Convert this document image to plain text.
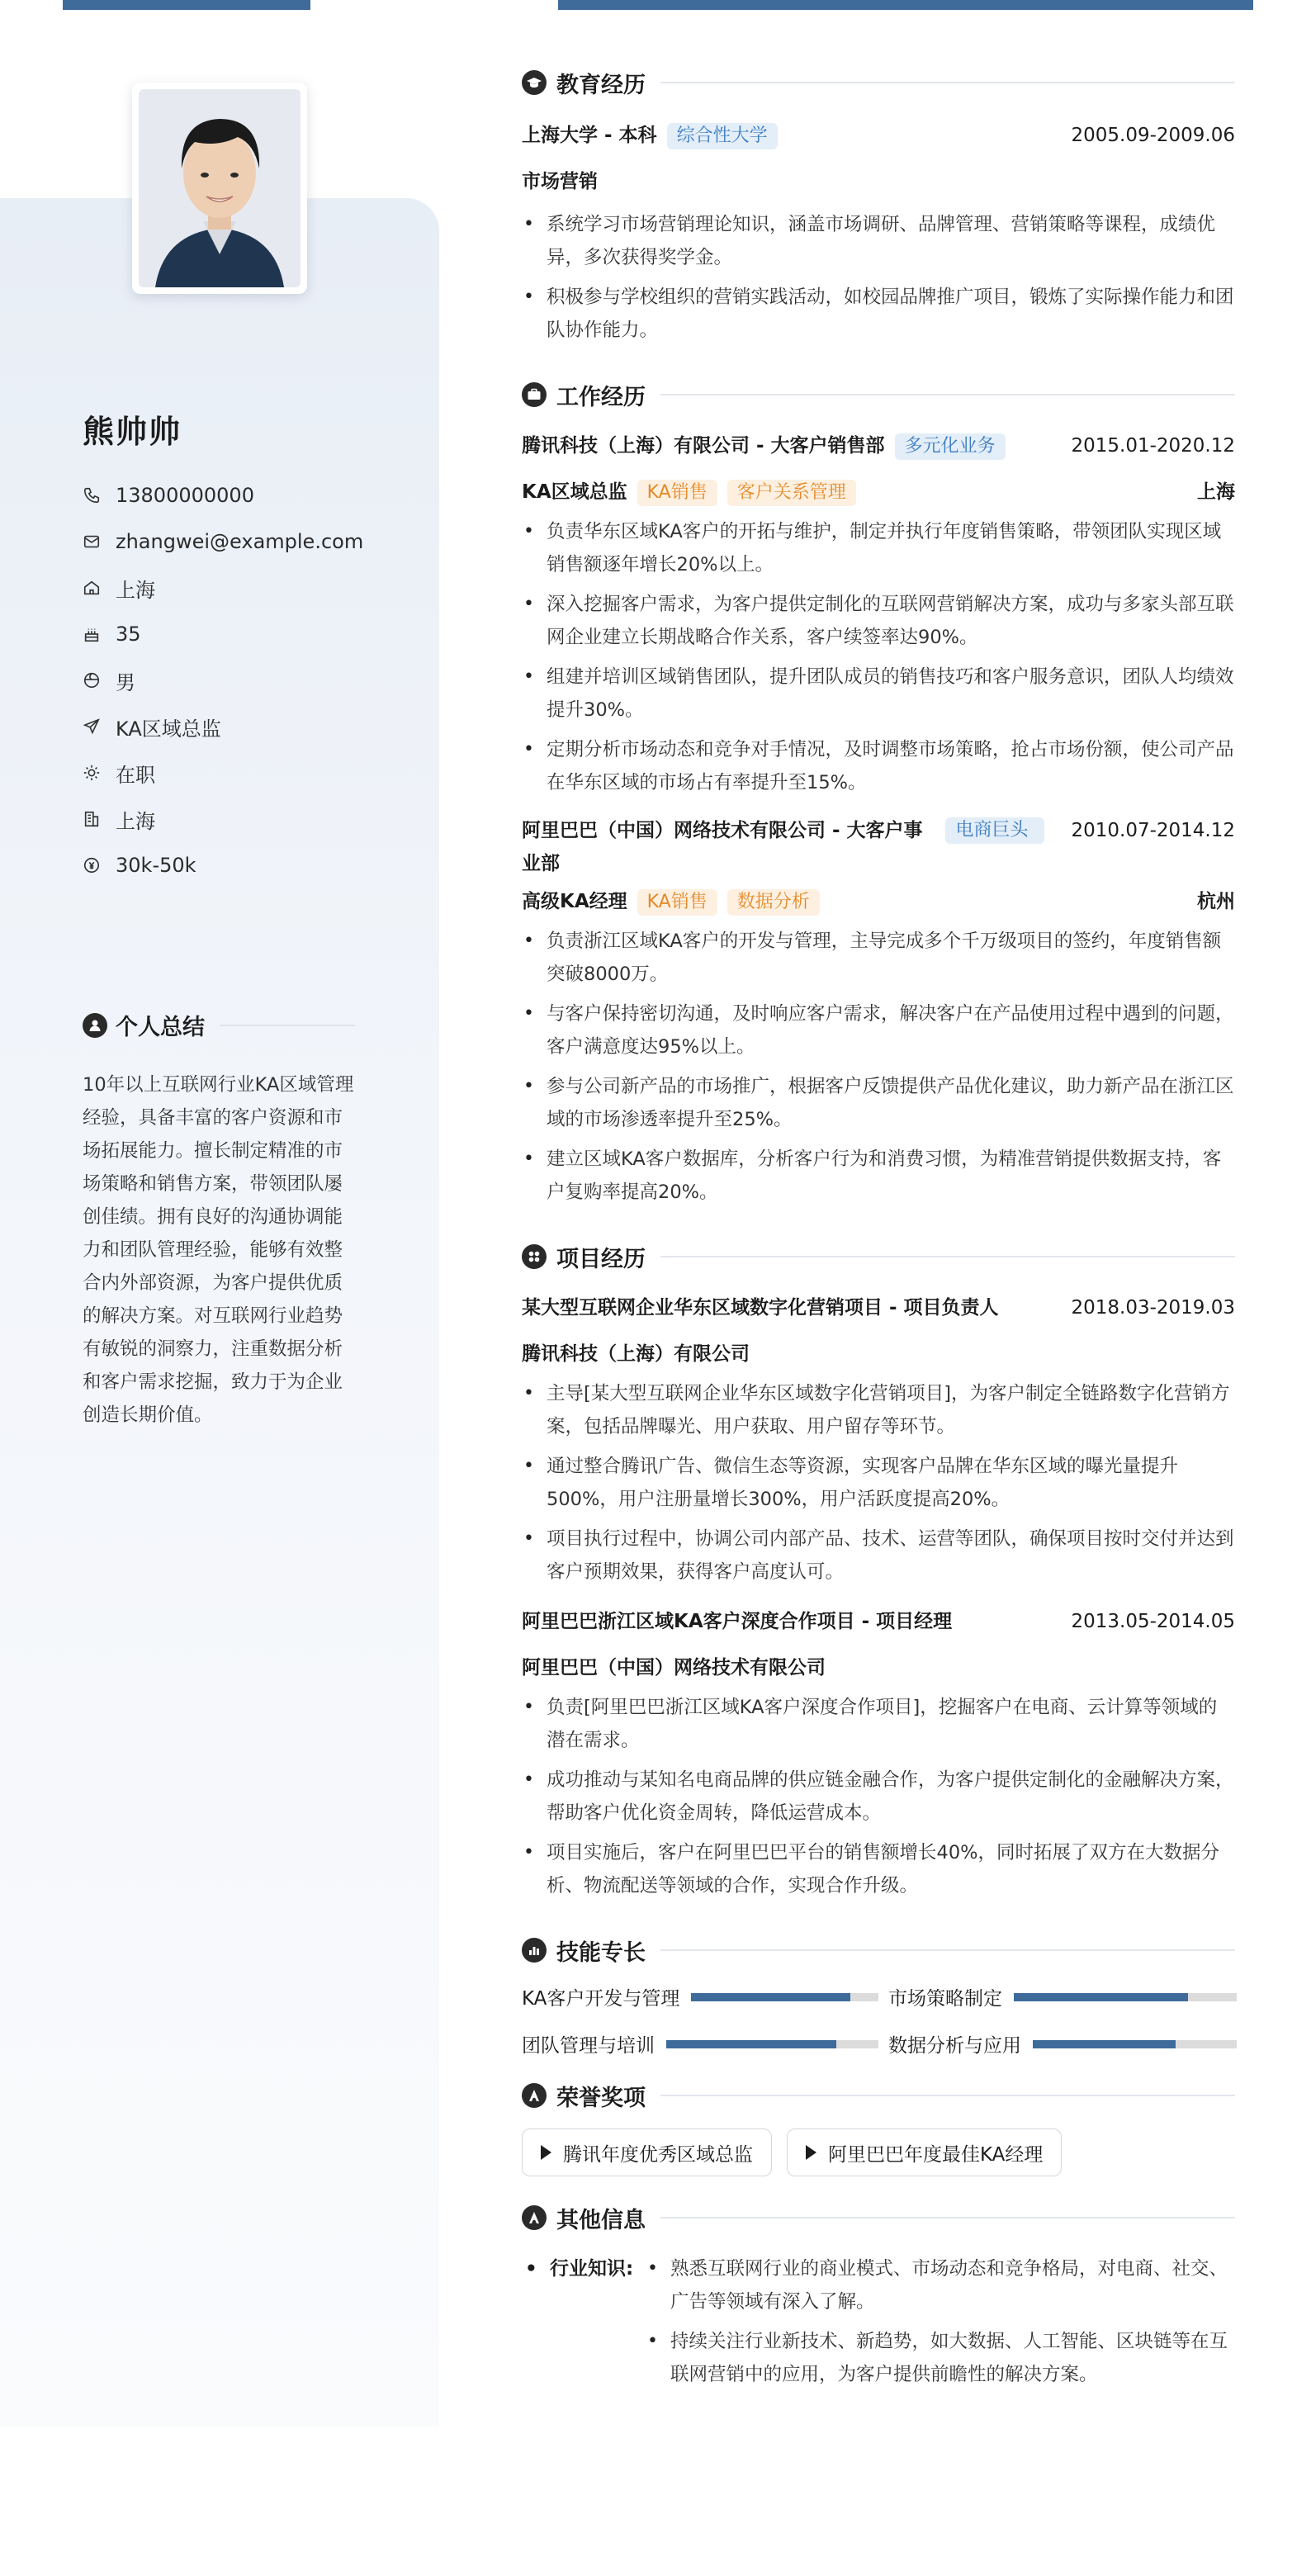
熊帅帅
13800000000
zhangwei@example.com
上海
35
男
KA区域总监
在职
上海
30k-50k
个人总结
10年以上互联网行业KA区域管理经验，具备丰富的客户资源和市场拓展能力。擅长制定精准的市场策略和销售方案，带领团队屡创佳绩。拥有良好的沟通协调能力和团队管理经验，能够有效整合内外部资源，为客户提供优质的解决方案。对互联网行业趋势有敏锐的洞察力，注重数据分析和客户需求挖掘，致力于为企业创造长期价值。
教育经历
上海大学 - 本科 综合性大学	2005.09-2009.06
市场营销
• 系统学习市场营销理论知识，涵盖市场调研、品牌管理、营销策略等课程，成绩优异，多次获得奖学金。
• 积极参与学校组织的营销实践活动，如校园品牌推广项目，锻炼了实际操作能力和团队协作能力。
工作经历
腾讯科技（上海）有限公司 - 大客户销售部 多元化业务	2015.01-2020.12
KA区域总监 KA销售 客户关系管理	上海
• 负责华东区域KA客户的开拓与维护，制定并执行年度销售策略，带领团队实现区域销售额逐年增长20%以上。
• 深入挖掘客户需求，为客户提供定制化的互联网营销解决方案，成功与多家头部互联网企业建立长期战略合作关系，客户续签率达90%。
• 组建并培训区域销售团队，提升团队成员的销售技巧和客户服务意识，团队人均绩效提升30%。
• 定期分析市场动态和竞争对手情况，及时调整市场策略，抢占市场份额，使公司产品在华东区域的市场占有率提升至15%。
阿里巴巴（中国）网络技术有限公司 - 大客户事业部
电商巨头	2010.07-2014.12
高级KA经理 KA销售 数据分析	杭州
• 负责浙江区域KA客户的开发与管理，主导完成多个千万级项目的签约，年度销售额突破8000万。
• 与客户保持密切沟通，及时响应客户需求，解决客户在产品使用过程中遇到的问题，客户满意度达95%以上。
• 参与公司新产品的市场推广，根据客户反馈提供产品优化建议，助力新产品在浙江区域的市场渗透率提升至25%。
• 建立区域KA客户数据库，分析客户行为和消费习惯，为精准营销提供数据支持，客户复购率提高20%。
项目经历
某大型互联网企业华东区域数字化营销项目 - 项目负责人	2018.03-2019.03
腾讯科技（上海）有限公司
• 主导[某大型互联网企业华东区域数字化营销项目]，为客户制定全链路数字化营销方案，包括品牌曝光、用户获取、用户留存等环节。
• 通过整合腾讯广告、微信生态等资源，实现客户品牌在华东区域的曝光量提升500%，用户注册量增长300%，用户活跃度提高20%。
• 项目执行过程中，协调公司内部产品、技术、运营等团队，确保项目按时交付并达到客户预期效果，获得客户高度认可。
阿里巴巴浙江区域KA客户深度合作项目 - 项目经理	2013.05-2014.05
阿里巴巴（中国）网络技术有限公司
• 负责[阿里巴巴浙江区域KA客户深度合作项目]，挖掘客户在电商、云计算等领域的潜在需求。
• 成功推动与某知名电商品牌的供应链金融合作，为客户提供定制化的金融解决方案，帮助客户优化资金周转，降低运营成本。
• 项目实施后，客户在阿里巴巴平台的销售额增长40%，同时拓展了双方在大数据分析、物流配送等领域的合作，实现合作升级。
技能专长
KA客户开发与管理	市场策略制定
团队管理与培训	数据分析与应用
荣誉奖项
腾讯年度优秀区域总监	阿里巴巴年度最佳KA经理
其他信息
• 行业知识:
•	熟悉互联网行业的商业模式、市场动态和竞争格局，对电商、社交、广告等领域有深入了解。
• 持续关注行业新技术、新趋势，如大数据、人工智能、区块链等在互联网营销中的应用，为客户提供前瞻性的解决方案。
